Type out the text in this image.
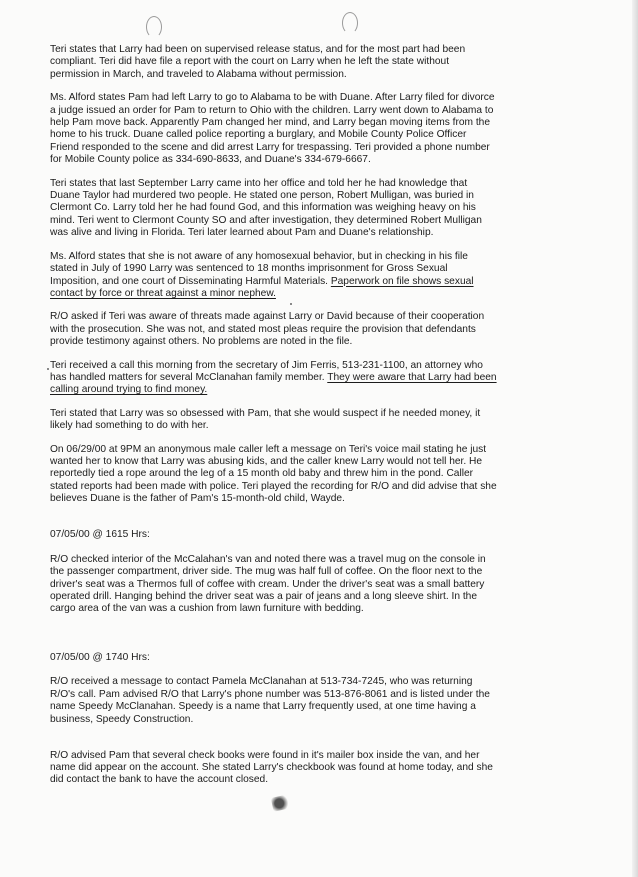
Teri states that Larry had been on supervised release status, and for the most part had been compliant. Teri did have file a report with the court on Larry when he left the state without permission in March, and traveled to Alabama without permission.

Ms. Alford states Pam had left Larry to go to Alabama to be with Duane. After Larry filed for divorce a judge issued an order for Pam to return to Ohio with the children. Larry went down to Alabama to help Pam move back. Apparently Pam changed her mind, and Larry began moving items from the home to his truck. Duane called police reporting a burglary, and Mobile County Police Officer Friend responded to the scene and did arrest Larry for trespassing. Teri provided a phone number for Mobile County police as 334-690-8633, and Duane's 334-679-6667.

Teri states that last September Larry came into her office and told her he had knowledge that Duane Taylor had murdered two people. He stated one person, Robert Mulligan, was buried in Clermont Co. Larry told her he had found God, and this information was weighing heavy on his mind. Teri went to Clermont County SO and after investigation, they determined Robert Mulligan was alive and living in Florida. Teri later learned about Pam and Duane's relationship.

Ms. Alford states that she is not aware of any homosexual behavior, but in checking in his file stated in July of 1990 Larry was sentenced to 18 months imprisonment for Gross Sexual Imposition, and one court of Disseminating Harmful Materials. Paperwork on file shows sexual contact by force or threat against a minor nephew.

R/O asked if Teri was aware of threats made against Larry or David because of their cooperation with the prosecution. She was not, and stated most pleas require the provision that defendants provide testimony against others. No problems are noted in the file.

Teri received a call this morning from the secretary of Jim Ferris, 513-231-1100, an attorney who has handled matters for several McClanahan family member. They were aware that Larry had been calling around trying to find money.

Teri stated that Larry was so obsessed with Pam, that she would suspect if he needed money, it likely had something to do with her.

On 06/29/00 at 9PM an anonymous male caller left a message on Teri's voice mail stating he just wanted her to know that Larry was abusing kids, and the caller knew Larry would not tell her. He reportedly tied a rope around the leg of a 15 month old baby and threw him in the pond. Caller stated reports had been made with police. Teri played the recording for R/O and did advise that she believes Duane is the father of Pam's 15-month-old child, Wayde.

07/05/00 @ 1615 Hrs:

R/O checked interior of the McCalahan's van and noted there was a travel mug on the console in the passenger compartment, driver side. The mug was half full of coffee. On the floor next to the driver's seat was a Thermos full of coffee with cream. Under the driver's seat was a small battery operated drill. Hanging behind the driver seat was a pair of jeans and a long sleeve shirt. In the cargo area of the van was a cushion from lawn furniture with bedding.

07/05/00 @ 1740 Hrs:

R/O received a message to contact Pamela McClanahan at 513-734-7245, who was returning R/O's call. Pam advised R/O that Larry's phone number was 513-876-8061 and is listed under the name Speedy McClanahan. Speedy is a name that Larry frequently used, at one time having a business, Speedy Construction.

R/O advised Pam that several check books were found in it's mailer box inside the van, and her name did appear on the account. She stated Larry's checkbook was found at home today, and she did contact the bank to have the account closed.
